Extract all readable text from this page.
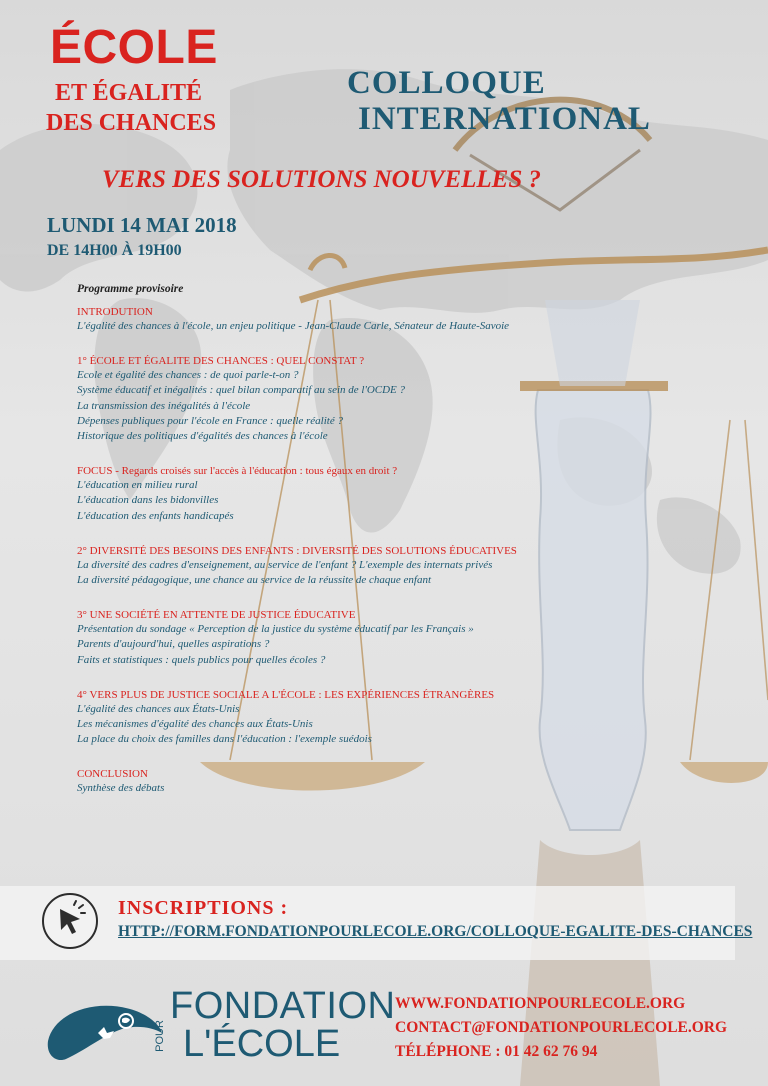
ÉCOLE
ET ÉGALITÉ
DES CHANCES
COLLOQUE
INTERNATIONAL
VERS DES SOLUTIONS NOUVELLES ?
LUNDI 14 MAI 2018
DE 14H00 À 19H00
Programme provisoire
INTRODUTION
L'égalité des chances à l'école, un enjeu politique - Jean-Claude Carle, Sénateur de Haute-Savoie
1° ÉCOLE ET ÉGALITE DES CHANCES : QUEL CONSTAT ?
Ecole et égalité des chances : de quoi parle-t-on ?
Système éducatif et inégalités : quel bilan comparatif au sein de l'OCDE ?
La transmission des inégalités à l'école
Dépenses publiques pour l'école en France : quelle réalité ?
Historique des politiques d'égalités des chances à l'école
FOCUS - Regards croisés sur l'accès à l'éducation : tous égaux en droit ?
L'éducation en milieu rural
L'éducation dans les bidonvilles
L'éducation des enfants handicapés
2° DIVERSITÉ DES BESOINS DES ENFANTS : DIVERSITÉ DES SOLUTIONS ÉDUCATIVES
La diversité des cadres d'enseignement, au service de l'enfant ? L'exemple des internats privés
La diversité pédagogique, une chance au service de la réussite de chaque enfant
3° UNE SOCIÉTÉ EN ATTENTE DE JUSTICE ÉDUCATIVE
Présentation du sondage « Perception de la justice du système éducatif par les Français »
Parents d'aujourd'hui, quelles aspirations ?
Faits et statistiques : quels publics pour quelles écoles ?
4° VERS PLUS DE JUSTICE SOCIALE A L'ÉCOLE : LES EXPÉRIENCES ÉTRANGÈRES
L'égalité des chances aux États-Unis
Les mécanismes d'égalité des chances aux États-Unis
La place du choix des familles dans l'éducation : l'exemple suédois
CONCLUSION
Synthèse des débats
INSCRIPTIONS :
HTTP://FORM.FONDATIONPOURLECOLE.ORG/COLLOQUE-EGALITE-DES-CHANCES
FONDATION
POUR L'ÉCOLE
WWW.FONDATIONPOURLECOLE.ORG
CONTACT@FONDATIONPOURLECOLE.ORG
TÉLÉPHONE : 01 42 62 76 94
